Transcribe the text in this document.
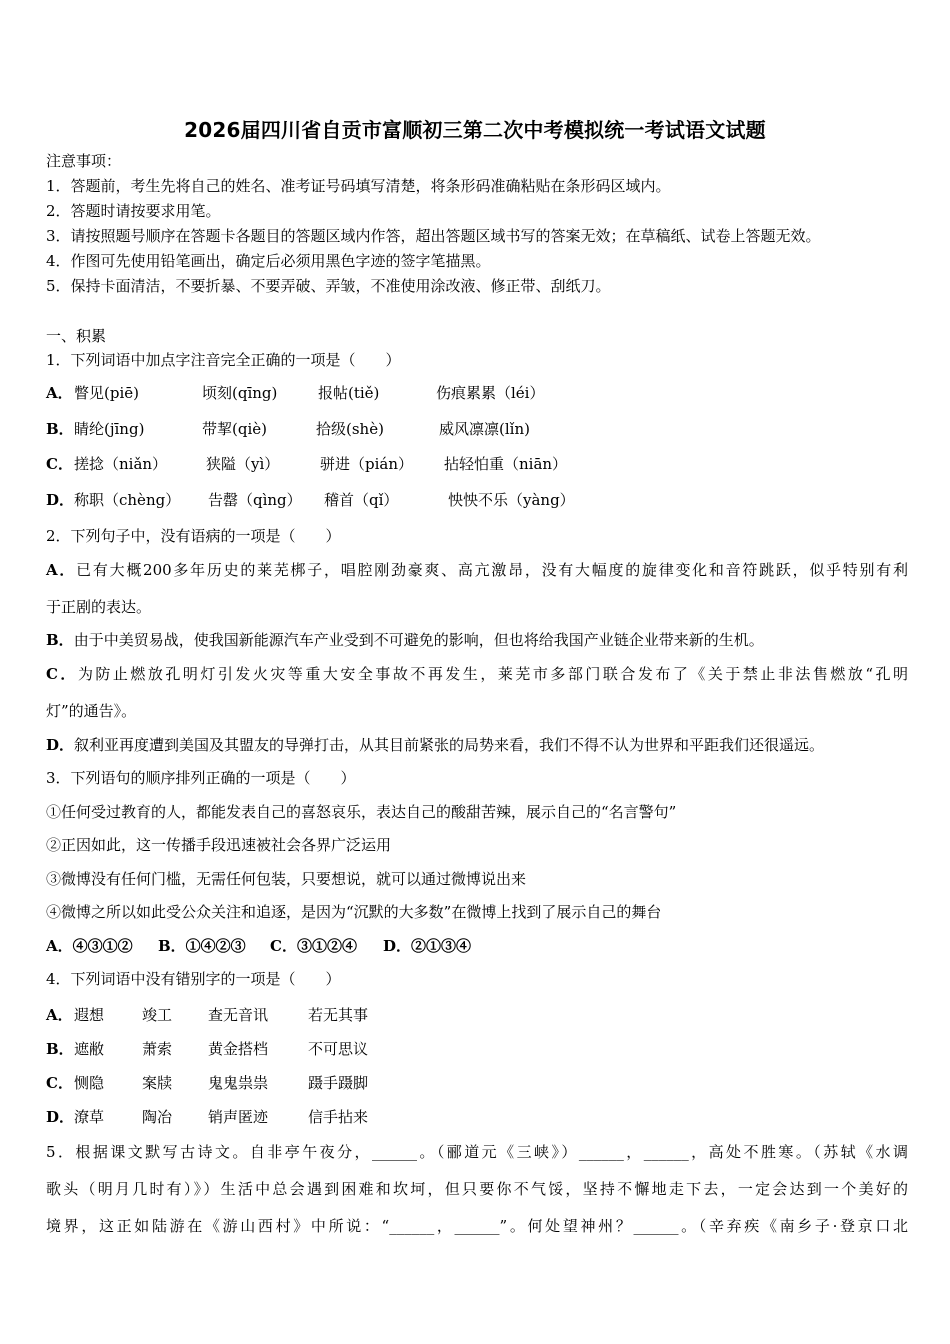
2026届四川省自贡市富顺初三第二次中考模拟统一考试语文试题
注意事项：
1．答题前，考生先将自己的姓名、准考证号码填写清楚，将条形码准确粘贴在条形码区域内。
2．答题时请按要求用笔。
3．请按照题号顺序在答题卡各题目的答题区域内作答，超出答题区域书写的答案无效；在草稿纸、试卷上答题无效。
4．作图可先使用铅笔画出，确定后必须用黑色字迹的签字笔描黑。
5．保持卡面清洁，不要折暴、不要弄破、弄皱，不准使用涂改液、修正带、刮纸刀。
一、积累
1．下列词语中加点字注音完全正确的一项是（　　）
A．瞥见(piē)	顷刻(qīng)	报帖(tiě)	伤痕累累（léi）
B．睛纶(jīng)	带挈(qiè)	拾级(shè)	威风凛凛(lǐn)
C．搓捻（niǎn）	狭隘（yì）	骈进（pián） 拈轻怕重（niān）
D．称职（chèng） 告罄（qìng） 稽首（qǐ）	怏怏不乐（yàng）
2．下列句子中，没有语病的一项是（　　）
A．已有大概200多年历史的莱芜梆子，唱腔刚劲豪爽、高亢激昂，没有大幅度的旋律变化和音符跳跃，似乎特别有利
于正剧的表达。
B．由于中美贸易战，使我国新能源汽车产业受到不可避免的影响，但也将给我国产业链企业带来新的生机。
C．为防止燃放孔明灯引发火灾等重大安全事故不再发生，莱芜市多部门联合发布了《关于禁止非法售燃放“孔明
灯”的通告》。
D．叙利亚再度遭到美国及其盟友的导弹打击，从其目前紧张的局势来看，我们不得不认为世界和平距我们还很遥远。
3．下列语句的顺序排列正确的一项是（　　）
①任何受过教育的人，都能发表自己的喜怒哀乐，表达自己的酸甜苦辣，展示自己的“名言警句”
②正因如此，这一传播手段迅速被社会各界广泛运用
③微博没有任何门槛，无需任何包装，只要想说，就可以通过微博说出来
④微博之所以如此受公众关注和追逐，是因为“沉默的大多数”在微博上找到了展示自己的舞台
A．④③①② B．①④②③ C．③①②④ D．②①③④
4．下列词语中没有错别字的一项是（　　）
A．遐想	竣工 查无音讯	若无其事
B．遮敝	萧索 黄金搭档	不可思议
C．恻隐	案牍 鬼鬼祟祟	蹑手蹑脚
D．潦草	陶冶 销声匿迹	信手拈来
5．根据课文默写古诗文。自非亭午夜分，______。（郦道元《三峡》）______，______，高处不胜寒。（苏轼《水调
歌头（明月几时有）》）生活中总会遇到困难和坎坷，但只要你不气馁，坚持不懈地走下去，一定会达到一个美好的
境界，这正如陆游在《游山西村》中所说：“______，______”。何处望神州？______。（辛弃疾《南乡子·登京口北
